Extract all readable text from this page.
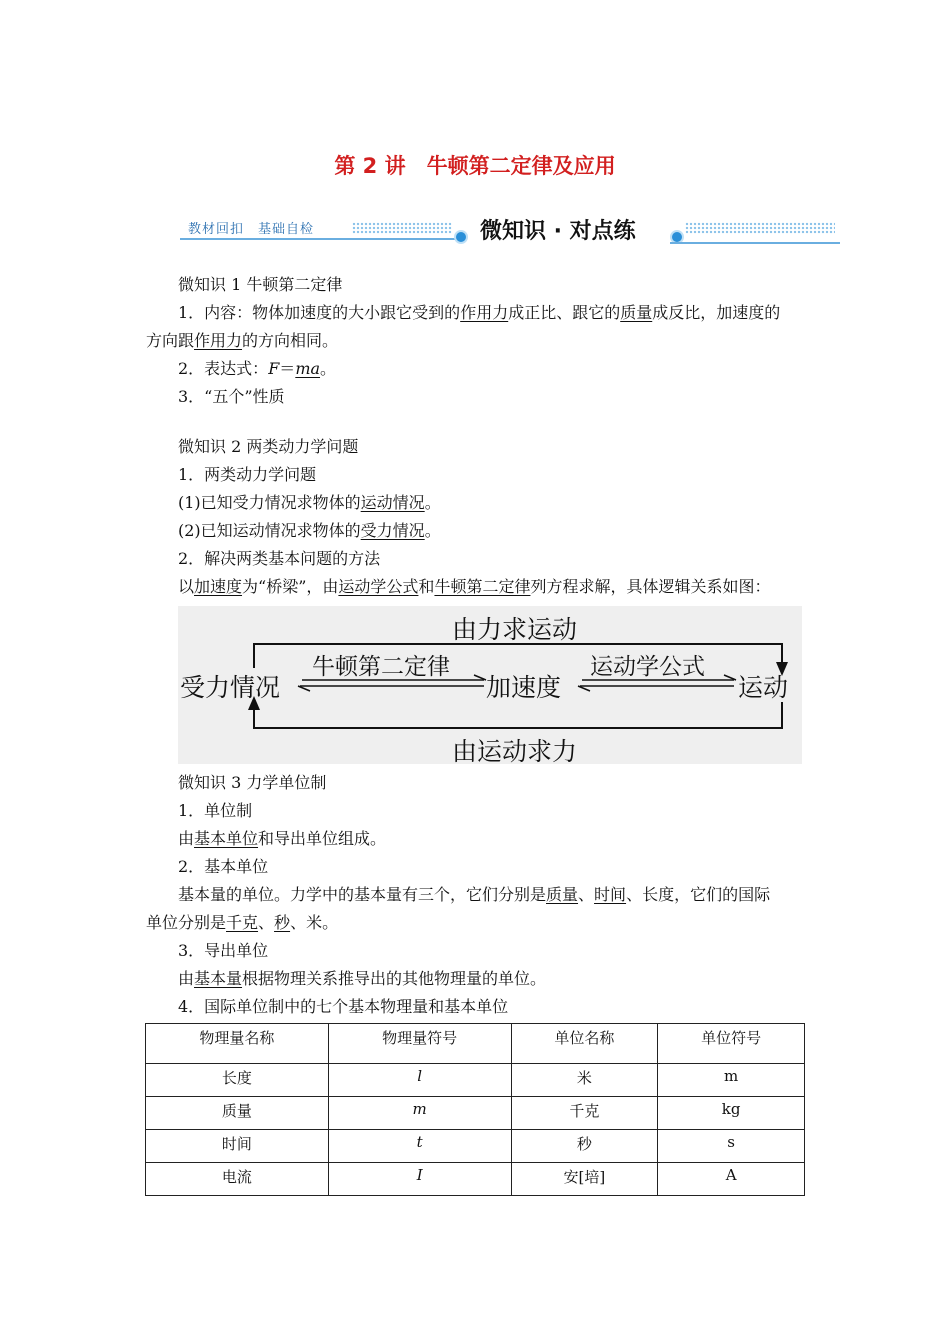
第 2 讲　牛顿第二定律及应用
教材回扣　基础自检	微知识 · 对点练
微知识 1 牛顿第二定律
1．内容：物体加速度的大小跟它受到的作用力成正比、跟它的质量成反比，加速度的
方向跟作用力的方向相同。
2．表达式：F＝ma。
3．“五个”性质
微知识 2 两类动力学问题
1．两类动力学问题
(1)已知受力情况求物体的运动情况。
(2)已知运动情况求物体的受力情况。
2．解决两类基本问题的方法
以加速度为“桥梁”，由运动学公式和牛顿第二定律列方程求解，具体逻辑关系如图：
由力求运动
由运动求力
受力情况	加速度	运动
牛顿第二定律	运动学公式
微知识 3 力学单位制
1．单位制
由基本单位和导出单位组成。
2．基本单位
基本量的单位。力学中的基本量有三个，它们分别是质量、时间、长度，它们的国际
单位分别是千克、秒、米。
3．导出单位
由基本量根据物理关系推导出的其他物理量的单位。
4．国际单位制中的七个基本物理量和基本单位
物理量名称	物理量符号	单位名称	单位符号
长度	l	米	m
质量	m	千克	kg
时间	t	秒	s
电流	I	安[培]	A
